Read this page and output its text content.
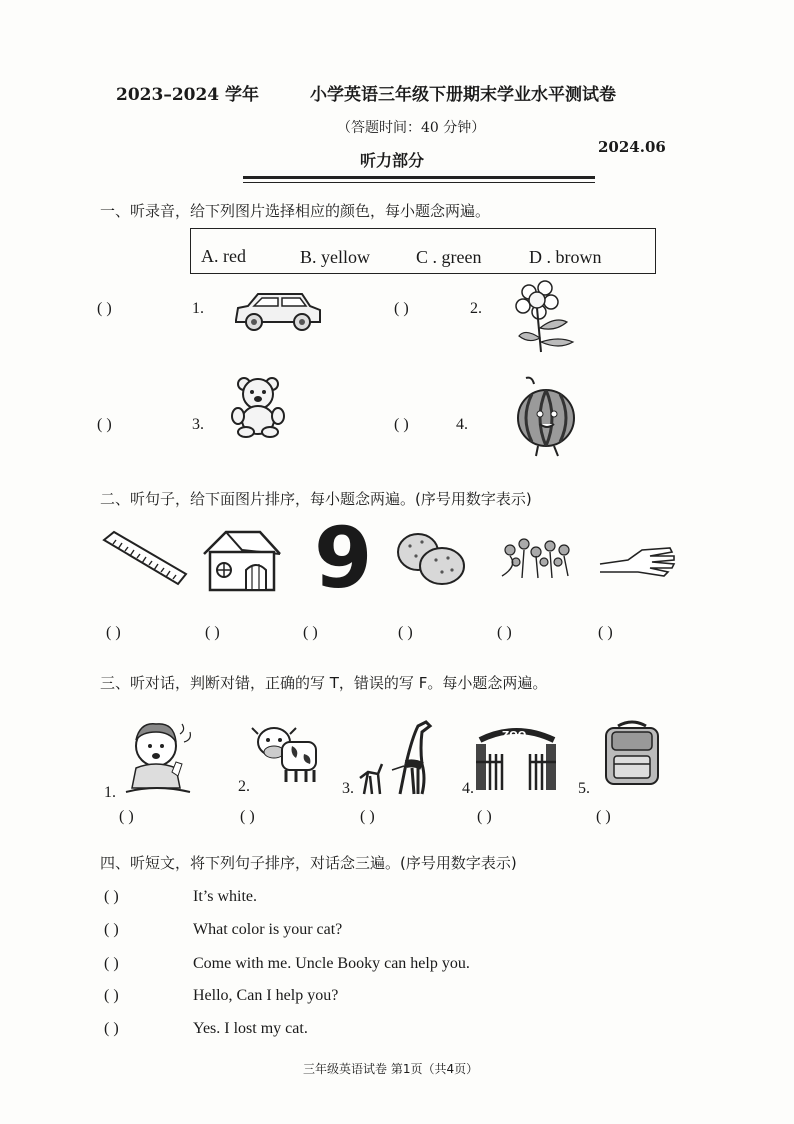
2023–2024 学年	小学英语三年级下册期末学业水平测试卷
（答题时间：40 分钟）
2024.06
听力部分
一、听录音，给下列图片选择相应的颜色，每小题念两遍。
A. red	B. yellow	C . green	D . brown
( )	1.	( )	2.
( )	3.	( )	4.
二、听句子，给下面图片排序，每小题念两遍。(序号用数字表示)
9
( )	( )	( )	( )	( )	( )
三、听对话，判断对错，正确的写 T，错误的写 F。每小题念两遍。
ZOO
1.	2.	3.	4.	5.
( )	( )	( )	( )	( )
四、听短文，将下列句子排序，对话念三遍。(序号用数字表示)
( )	It’s white.
( )	What color is your cat?
( )	Come with me. Uncle Booky can help you.
( )	Hello, Can I help you?
( )	Yes. I lost my cat.
三年级英语试卷 第1页（共4页）
